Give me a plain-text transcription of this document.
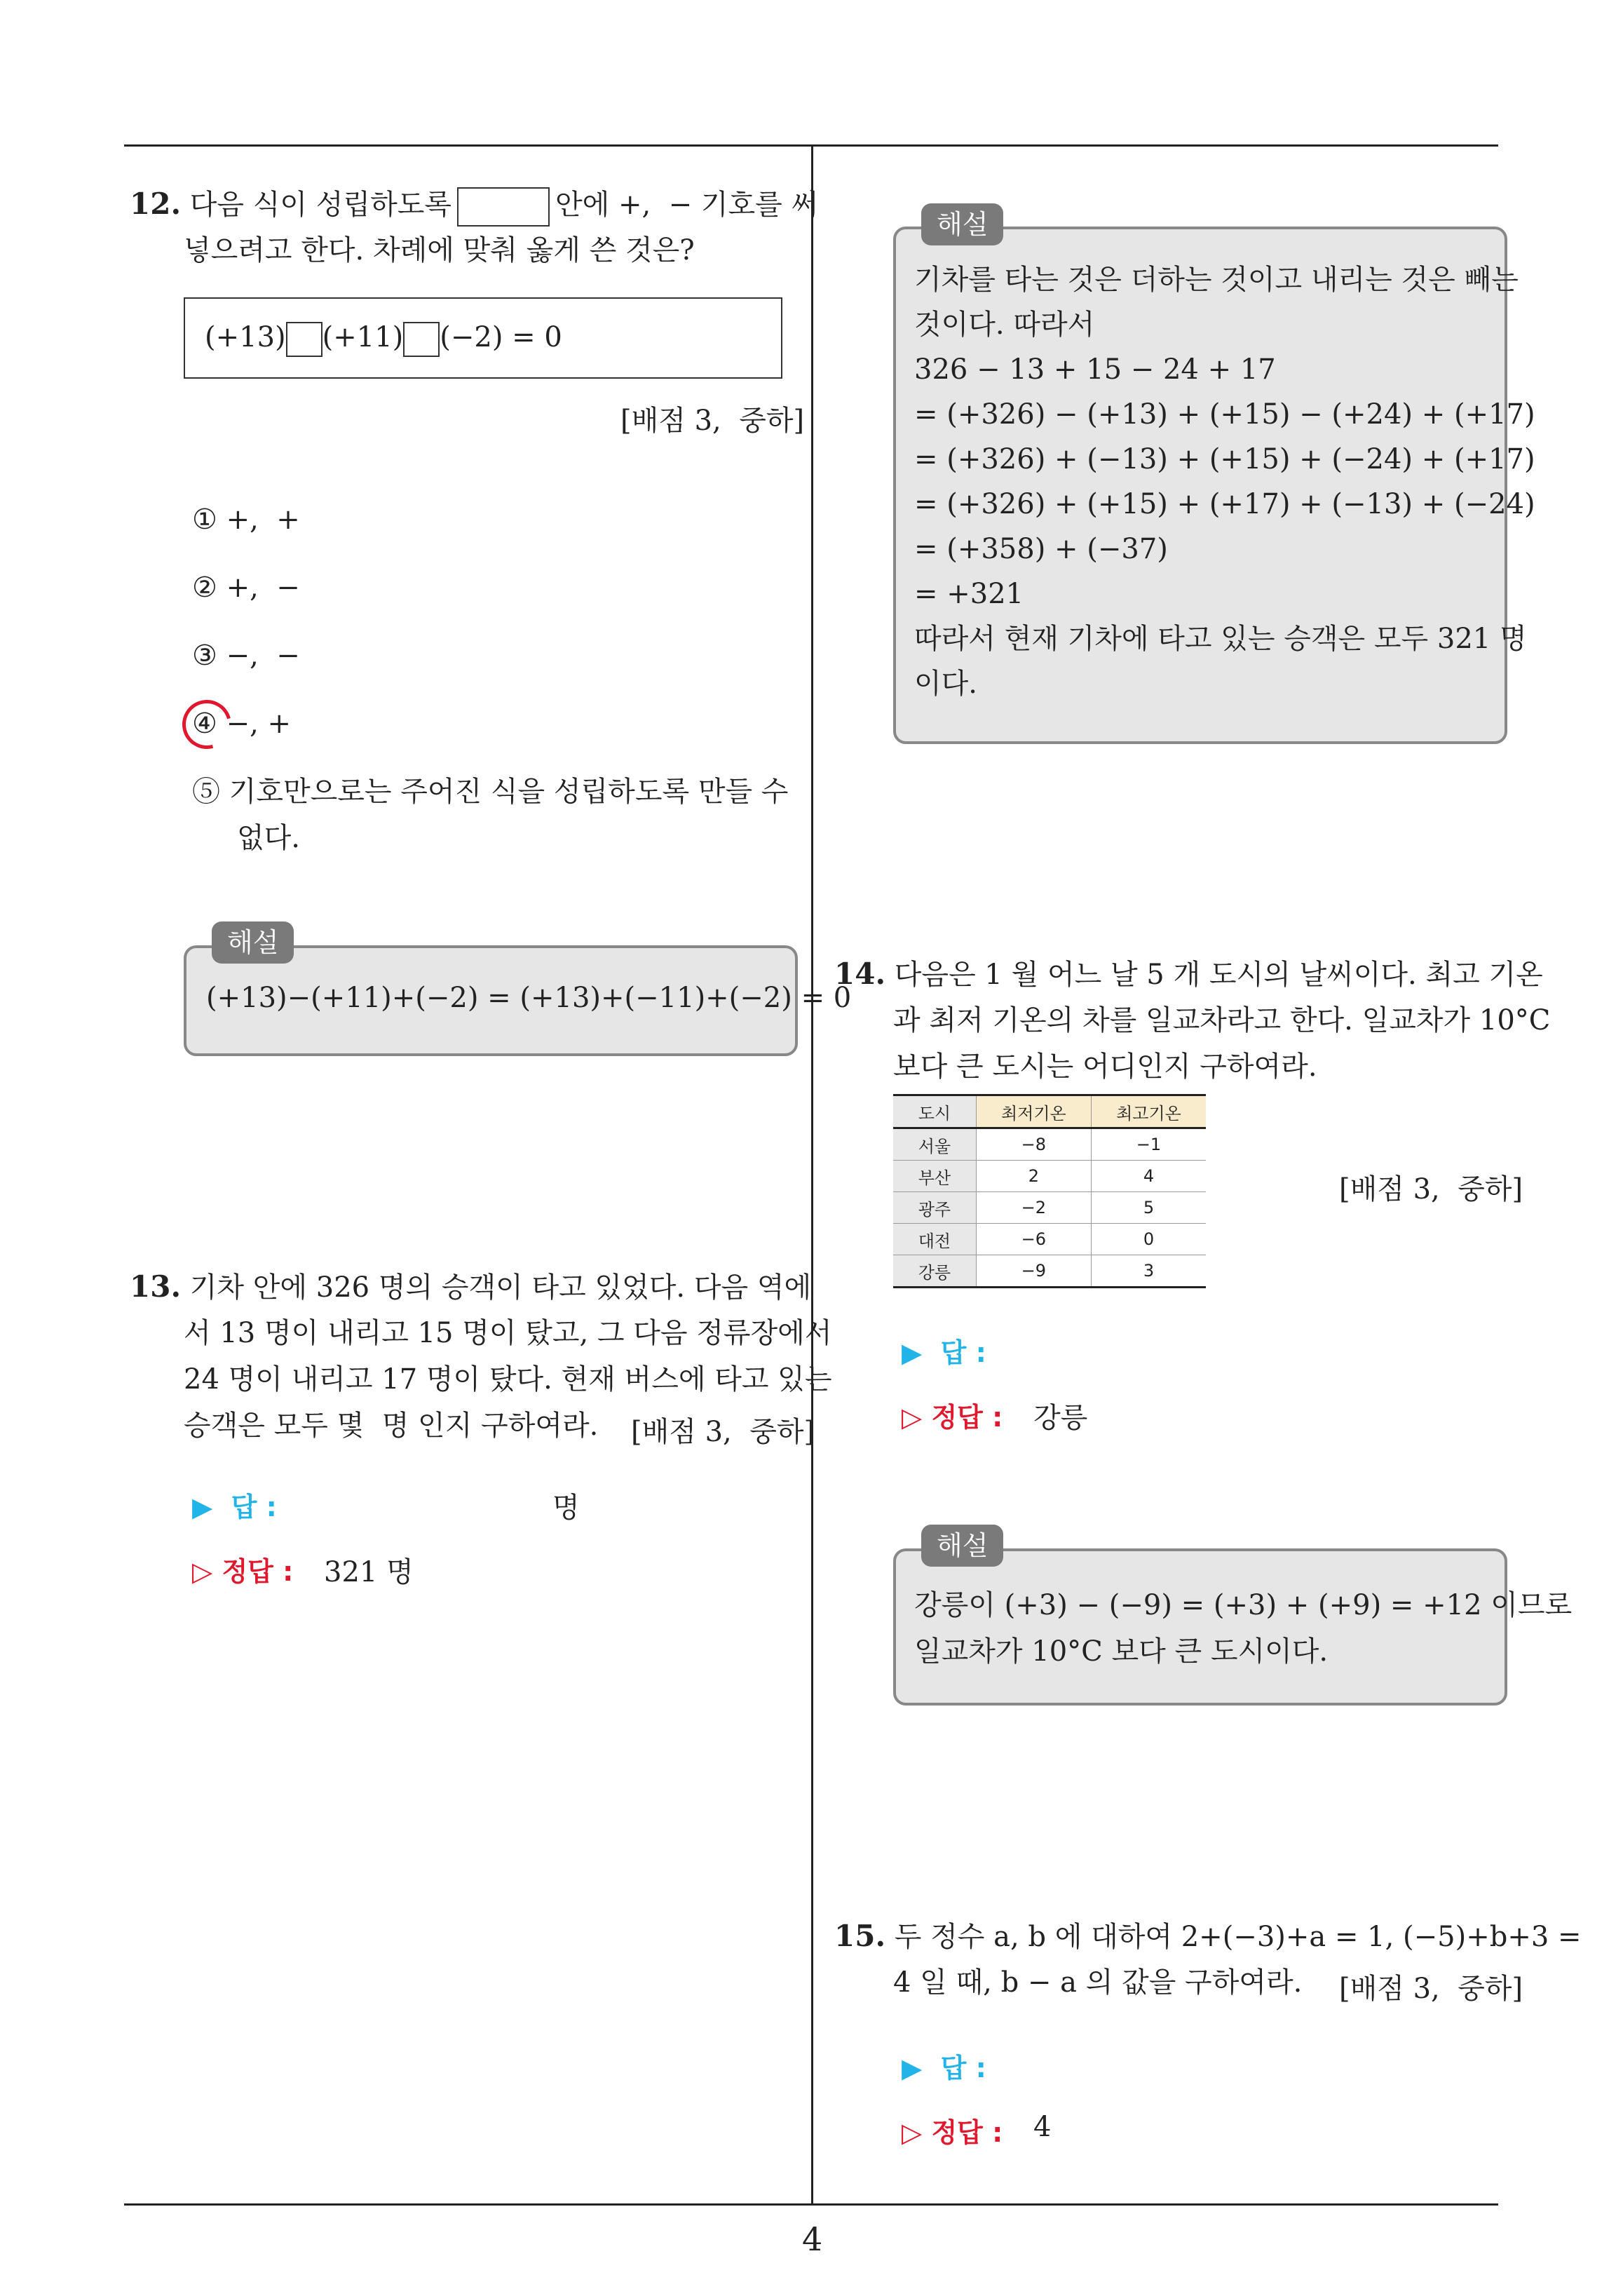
12. 다음 식이 성립하도록	안에 +,  − 기호를 써
넣으려고 한다. 차례에 맞춰 옳게 쓴 것은?
(+13) (+11) (−2) = 0
[배점 3,  중하]
① +,  +
② +,  −
③ −,  −
④ −, +
⑤ 기호만으로는 주어진 식을 성립하도록 만들 수
없다.
해설
(+13)−(+11)+(−2) = (+13)+(−11)+(−2) = 0
13. 기차 안에 326 명의 승객이 타고 있었다. 다음 역에
서 13 명이 내리고 15 명이 탔고, 그 다음 정류장에서
24 명이 내리고 17 명이 탔다. 현재 버스에 타고 있는
승객은 모두 몇  명 인지 구하여라. [배점 3,  중하]
▶  답 :	명
▷ 정답 : 321 명
해설
기차를 타는 것은 더하는 것이고 내리는 것은 빼는
것이다. 따라서
326 − 13 + 15 − 24 + 17
= (+326) − (+13) + (+15) − (+24) + (+17)
= (+326) + (−13) + (+15) + (−24) + (+17)
= (+326) + (+15) + (+17) + (−13) + (−24)
= (+358) + (−37)
= +321
따라서 현재 기차에 타고 있는 승객은 모두 321 명
이다.
14. 다음은 1 월 어느 날 5 개 도시의 날씨이다. 최고 기온
과 최저 기온의 차를 일교차라고 한다. 일교차가 10°C
보다 큰 도시는 어디인지 구하여라.
도시	최저기온	최고기온
서울	−8	−1
부산	2	4
광주	−2	5
대전	−6	0
강릉	−9	3
[배점 3,  중하]
▶  답 :
▷ 정답 : 강릉
해설
강릉이 (+3) − (−9) = (+3) + (+9) = +12 이므로
일교차가 10°C 보다 큰 도시이다.
15. 두 정수 a, b 에 대하여 2+(−3)+a = 1, (−5)+b+3 =
4 일 때, b − a 의 값을 구하여라. [배점 3,  중하]
▶  답 :
▷ 정답 : 4
4
